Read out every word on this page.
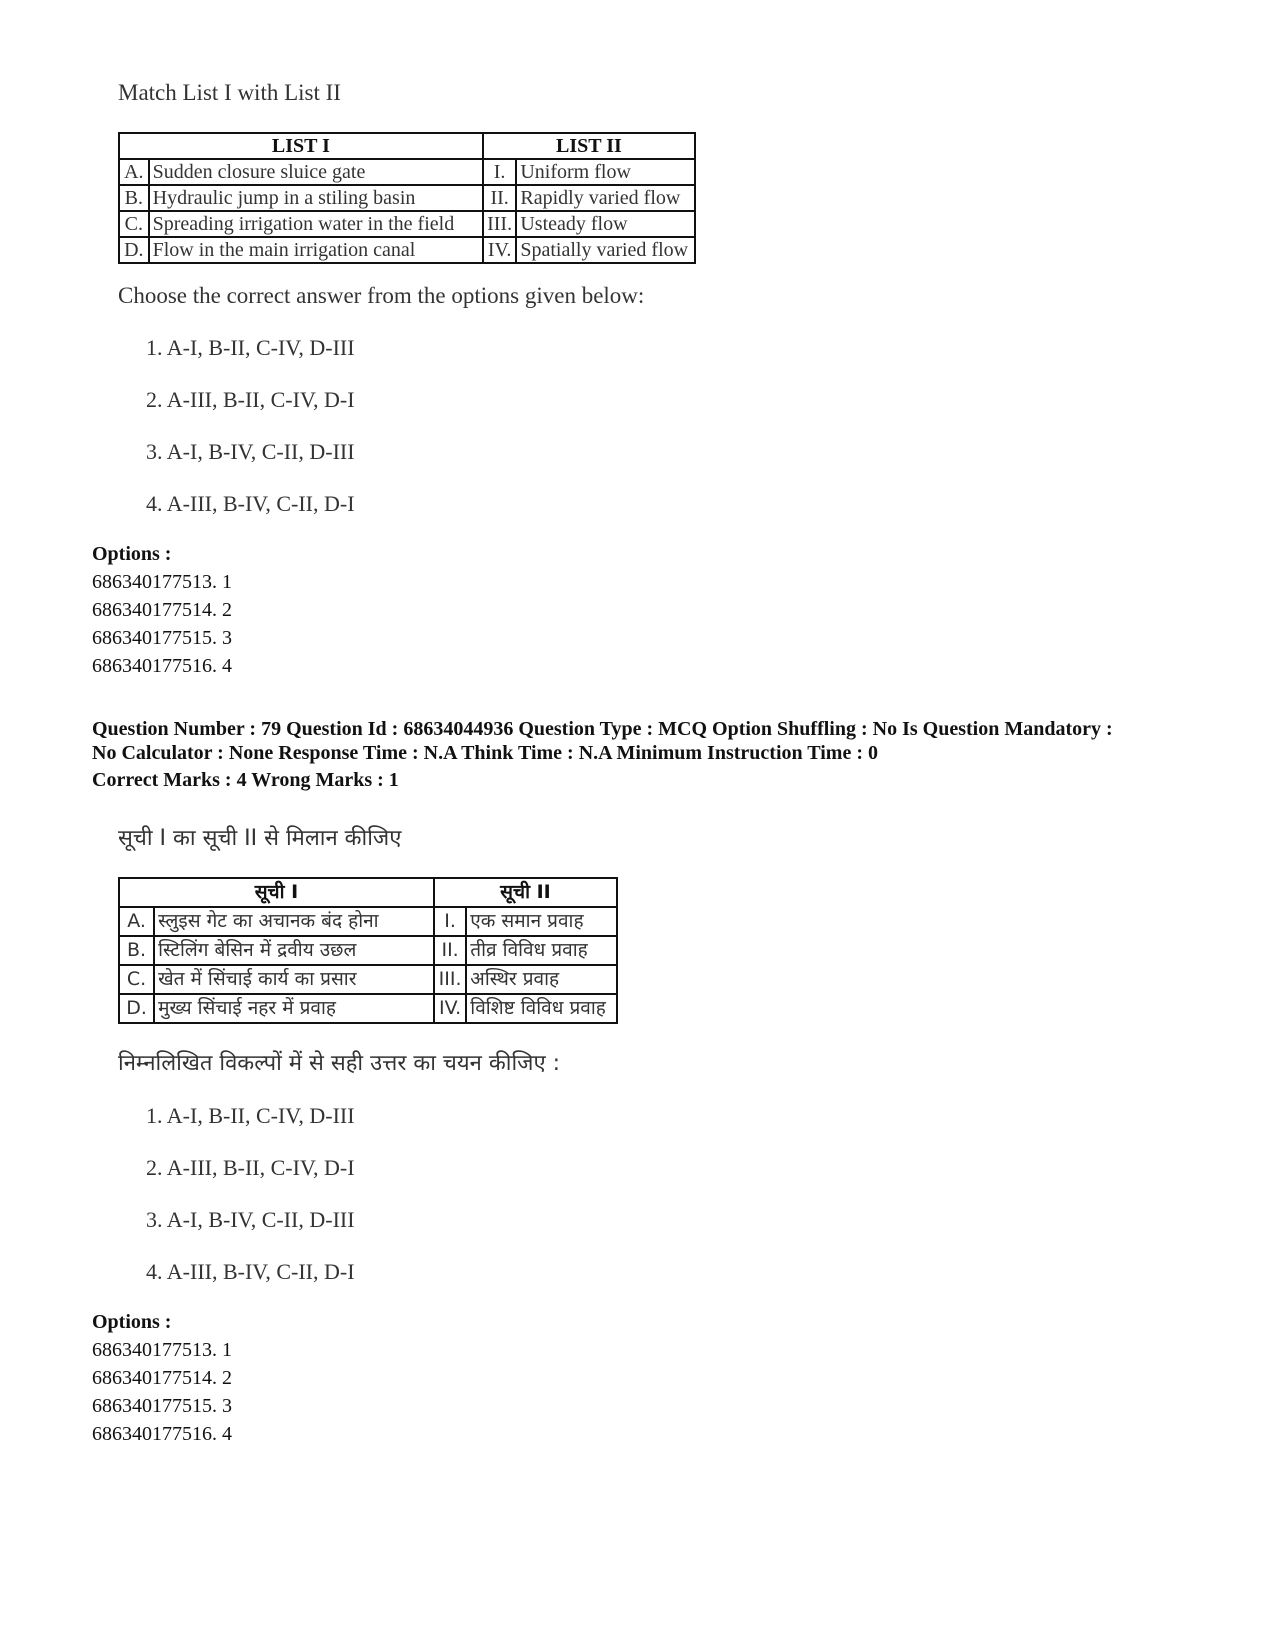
Match List I with List II
LIST I		LIST II	
A.	Sudden closure sluice gate	I.	Uniform flow
B.	Hydraulic jump in a stiling basin	II.	Rapidly varied flow
C.	Spreading irrigation water in the field	III.	Usteady flow
D.	Flow in the main irrigation canal	IV.	Spatially varied flow
Choose the correct answer from the options given below:
1. A-I, B-II, C-IV, D-III
2. A-III, B-II, C-IV, D-I
3. A-I, B-IV, C-II, D-III
4. A-III, B-IV, C-II, D-I
Options :
686340177513. 1
686340177514. 2
686340177515. 3
686340177516. 4
Question Number : 79 Question Id : 68634044936 Question Type : MCQ Option Shuffling : No Is Question Mandatory :
No Calculator : None Response Time : N.A Think Time : N.A Minimum Instruction Time : 0
Correct Marks : 4 Wrong Marks : 1
सूची I का सूची II से मिलान कीजिए
सूची I		सूची II	
A.	स्लुइस गेट का अचानक बंद होना	I.	एक समान प्रवाह
B.	स्टिलिंग बेसिन में द्रवीय उछल	II.	तीव्र विविध प्रवाह
C.	खेत में सिंचाई कार्य का प्रसार	III.	अस्थिर प्रवाह
D.	मुख्य सिंचाई नहर में प्रवाह	IV.	विशिष्ट विविध प्रवाह
निम्नलिखित विकल्पों में से सही उत्तर का चयन कीजिए :
1. A-I, B-II, C-IV, D-III
2. A-III, B-II, C-IV, D-I
3. A-I, B-IV, C-II, D-III
4. A-III, B-IV, C-II, D-I
Options :
686340177513. 1
686340177514. 2
686340177515. 3
686340177516. 4
